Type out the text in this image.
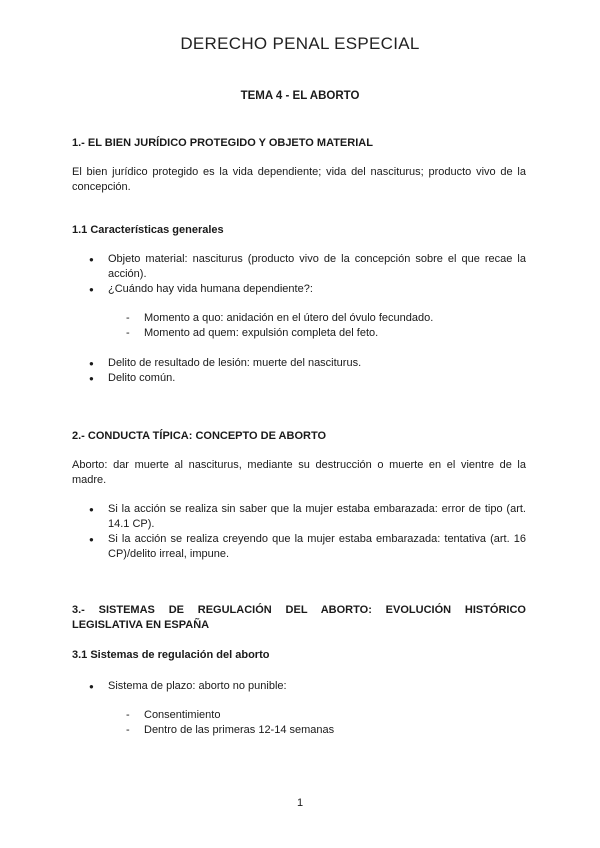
DERECHO PENAL ESPECIAL
TEMA 4 - EL ABORTO
1.- EL BIEN JURÍDICO PROTEGIDO Y OBJETO MATERIAL
El bien jurídico protegido es la vida dependiente; vida del nasciturus; producto vivo de la concepción.
1.1 Características generales
● Objeto material: nasciturus (producto vivo de la concepción sobre el que recae la acción).
● ¿Cuándo hay vida humana dependiente?:
- Momento a quo: anidación en el útero del óvulo fecundado.
- Momento ad quem: expulsión completa del feto.
● Delito de resultado de lesión: muerte del nasciturus.
● Delito común.
2.- CONDUCTA TÍPICA: CONCEPTO DE ABORTO
Aborto: dar muerte al nasciturus, mediante su destrucción o muerte en el vientre de la madre.
● Si la acción se realiza sin saber que la mujer estaba embarazada: error de tipo (art. 14.1 CP).
● Si la acción se realiza creyendo que la mujer estaba embarazada: tentativa (art. 16 CP)/delito irreal, impune.
3.- SISTEMAS DE REGULACIÓN DEL ABORTO: EVOLUCIÓN HISTÓRICO
LEGISLATIVA EN ESPAÑA
3.1 Sistemas de regulación del aborto
● Sistema de plazo: aborto no punible:
- Consentimiento
- Dentro de las primeras 12-14 semanas
1
